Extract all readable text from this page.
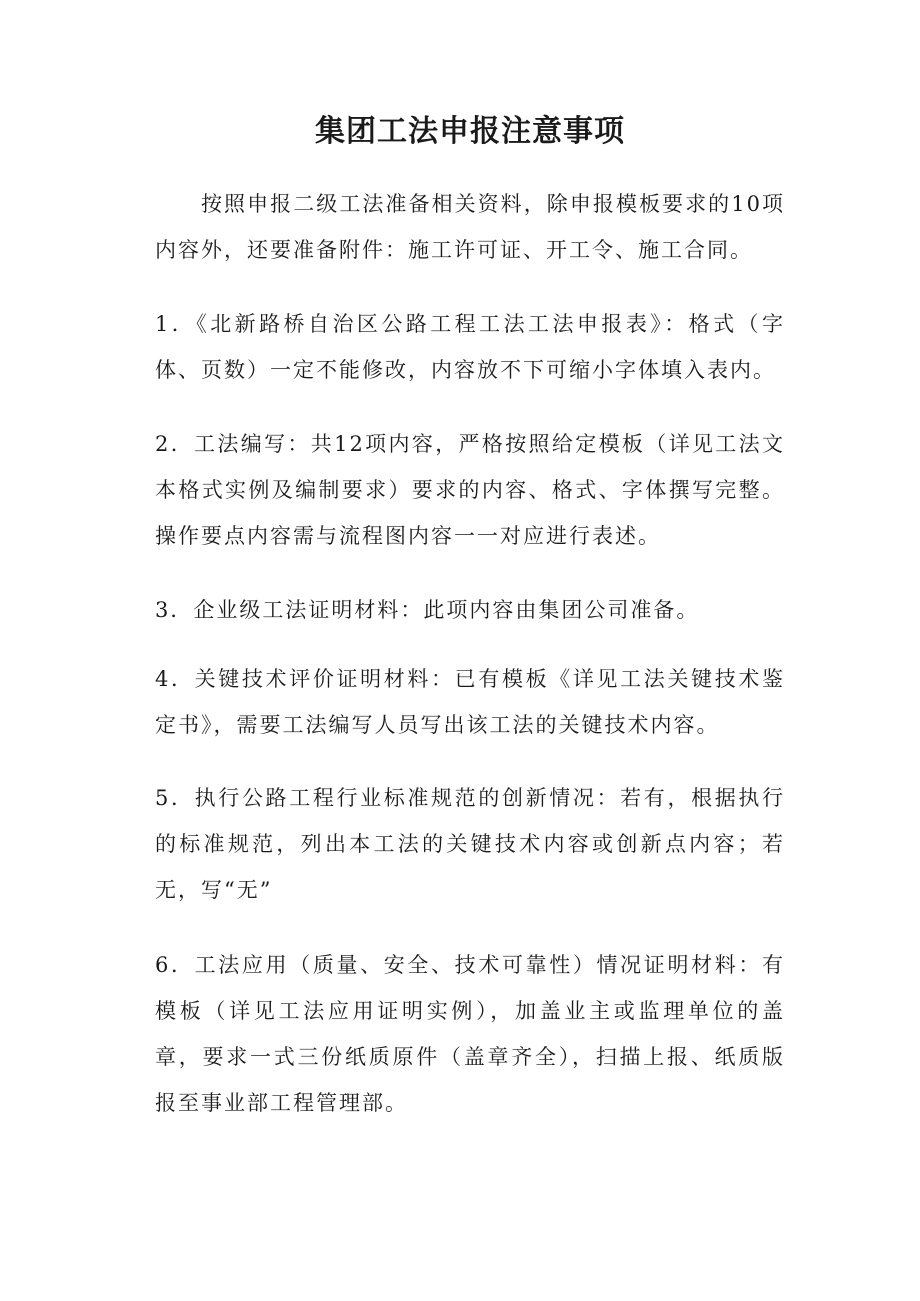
集团工法申报注意事项

按照申报二级工法准备相关资料，除申报模板要求的10项内容外，还要准备附件：施工许可证、开工令、施工合同。

1．《北新路桥自治区公路工程工法工法申报表》：格式（字体、页数）一定不能修改，内容放不下可缩小字体填入表内。

2．工法编写：共12项内容，严格按照给定模板（详见工法文本格式实例及编制要求）要求的内容、格式、字体撰写完整。操作要点内容需与流程图内容一一对应进行表述。

3．企业级工法证明材料：此项内容由集团公司准备。

4．关键技术评价证明材料：已有模板《详见工法关键技术鉴定书》，需要工法编写人员写出该工法的关键技术内容。

5．执行公路工程行业标准规范的创新情况：若有，根据执行的标准规范，列出本工法的关键技术内容或创新点内容；若无，写“无”

6．工法应用（质量、安全、技术可靠性）情况证明材料：有模板（详见工法应用证明实例），加盖业主或监理单位的盖章，要求一式三份纸质原件（盖章齐全），扫描上报、纸质版报至事业部工程管理部。
